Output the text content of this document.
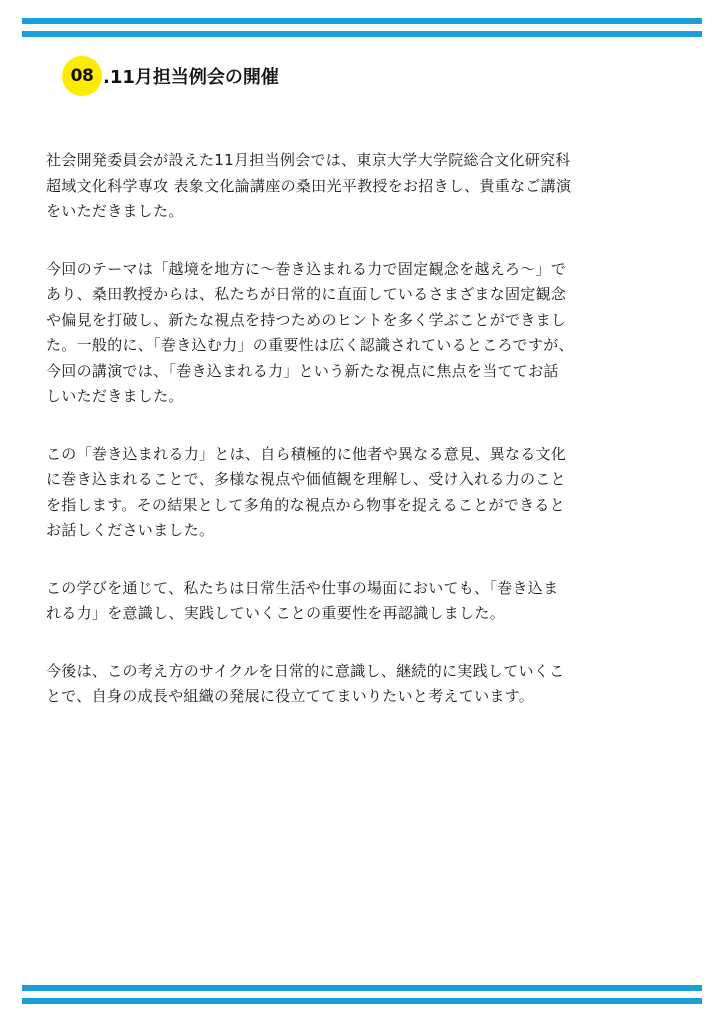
08 .11月担当例会の開催
社会開発委員会が設えた11月担当例会では、東京大学大学院総合文化研究科
超域文化科学専攻 表象文化論講座の桑田光平教授をお招きし、貴重なご講演
をいただきました。
今回のテーマは「越境を地方に〜巻き込まれる力で固定観念を越えろ〜」で
あり、桑田教授からは、私たちが日常的に直面しているさまざまな固定観念
や偏見を打破し、新たな視点を持つためのヒントを多く学ぶことができまし
た。一般的に、「巻き込む力」の重要性は広く認識されているところですが、
今回の講演では、「巻き込まれる力」という新たな視点に焦点を当ててお話
しいただきました。
この「巻き込まれる力」とは、自ら積極的に他者や異なる意見、異なる文化
に巻き込まれることで、多様な視点や価値観を理解し、受け入れる力のこと
を指します。その結果として多角的な視点から物事を捉えることができると
お話しくださいました。
この学びを通じて、私たちは日常生活や仕事の場面においても、「巻き込ま
れる力」を意識し、実践していくことの重要性を再認識しました。
今後は、この考え方のサイクルを日常的に意識し、継続的に実践していくこ
とで、自身の成長や組織の発展に役立ててまいりたいと考えています。
